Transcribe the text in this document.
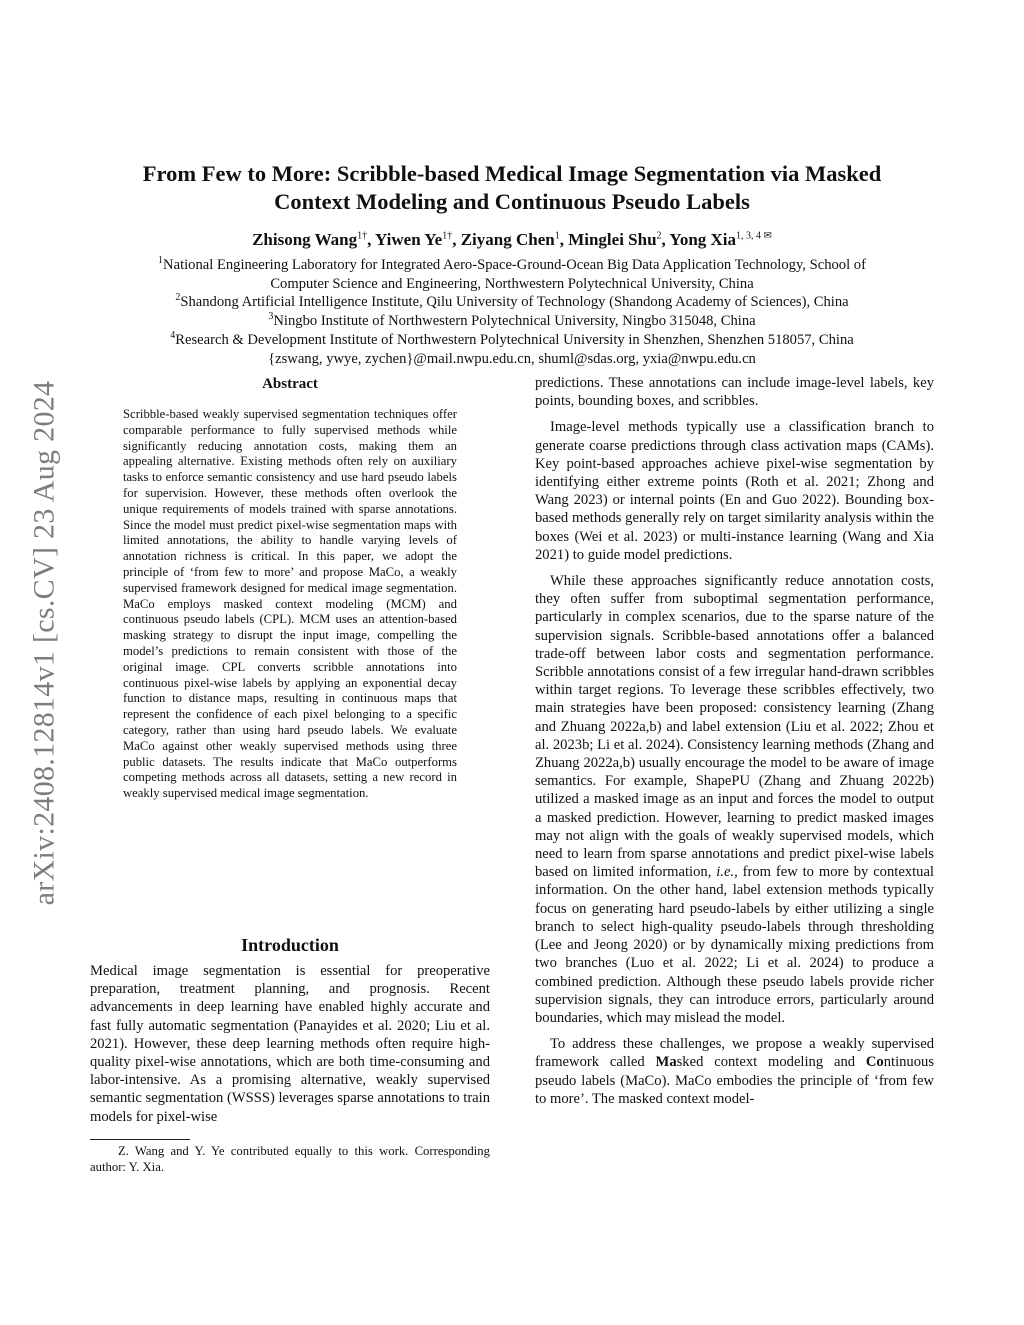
arXiv:2408.12814v1 [cs.CV] 23 Aug 2024
From Few to More: Scribble-based Medical Image Segmentation via Masked
Context Modeling and Continuous Pseudo Labels
Zhisong Wang$^{1\dagger}$, Yiwen $Ye^{1\dagger}$, Ziyang Chen$^1$, Minglei Shu$^2$, Yong Xia$^{1, 3, 4 ✉}$
$^1$National Engineering Laboratory for Integrated Aero-Space-Ground-Ocean Big Data Application Technology, School of
Computer Science and Engineering, Northwestern Polytechnical University, China
$^2$Shandong Artificial Intelligence Institute, Qilu University of Technology (Shandong Academy of Sciences), China
$^3$Ningbo Institute of Northwestern Polytechnical University, Ningbo 315048, China
$^4$Research & Development Institute of Northwestern Polytechnical University in Shenzhen, Shenzhen 518057, China
{zswang, ywye, zychen}@mail.nwpu.edu.cn, shuml@sdas.org, yxia@nwpu.edu.cn
Abstract

Scribble-based weakly supervised segmentation techniques offer comparable performance to fully supervised methods while significantly reducing annotation costs, making them an appealing alternative. Existing methods often rely on auxiliary tasks to enforce semantic consistency and use hard pseudo labels for supervision. However, these methods often overlook the unique requirements of models trained with sparse annotations. Since the model must predict pixel-wise segmentation maps with limited annotations, the ability to handle varying levels of annotation richness is critical. In this paper, we adopt the principle of ‘from few to more’ and propose MaCo, a weakly supervised framework designed for medical image segmentation. MaCo employs masked context modeling (MCM) and continuous pseudo labels (CPL). MCM uses an attention-based masking strategy to disrupt the input image, compelling the model’s predictions to remain consistent with those of the original image. CPL converts scribble annotations into continuous pixel-wise labels by applying an exponential decay function to distance maps, resulting in continuous maps that represent the confidence of each pixel belonging to a specific category, rather than using hard pseudo labels. We evaluate MaCo against other weakly supervised methods using three public datasets. The results indicate that MaCo outperforms competing methods across all datasets, setting a new record in weakly supervised medical image segmentation.

Introduction

Medical image segmentation is essential for preoperative preparation, treatment planning, and prognosis. Recent advancements in deep learning have enabled highly accurate and fast fully automatic segmentation (Panayides et al. 2020; Liu et al. 2021). However, these deep learning methods often require high-quality pixel-wise annotations, which are both time-consuming and labor-intensive. As a promising alternative, weakly supervised semantic segmentation (WSSS) leverages sparse annotations to train models for pixel-wise

Z. Wang and Y. Ye contributed equally to this work. Corresponding author: Y. Xia.

predictions. These annotations can include image-level labels, key points, bounding boxes, and scribbles.

Image-level methods typically use a classification branch to generate coarse predictions through class activation maps (CAMs). Key point-based approaches achieve pixel-wise segmentation by identifying either extreme points (Roth et al. 2021; Zhong and Wang 2023) or internal points (En and Guo 2022). Bounding box-based methods generally rely on target similarity analysis within the boxes (Wei et al. 2023) or multi-instance learning (Wang and Xia 2021) to guide model predictions.

While these approaches significantly reduce annotation costs, they often suffer from suboptimal segmentation performance, particularly in complex scenarios, due to the sparse nature of the supervision signals. Scribble-based annotations offer a balanced trade-off between labor costs and segmentation performance. Scribble annotations consist of a few irregular hand-drawn scribbles within target regions. To leverage these scribbles effectively, two main strategies have been proposed: consistency learning (Zhang and Zhuang 2022a,b) and label extension (Liu et al. 2022; Zhou et al. 2023b; Li et al. 2024). Consistency learning methods (Zhang and Zhuang 2022a,b) usually encourage the model to be aware of image semantics. For example, ShapePU (Zhang and Zhuang 2022b) utilized a masked image as an input and forces the model to output a masked prediction. However, learning to predict masked images may not align with the goals of weakly supervised models, which need to learn from sparse annotations and predict pixel-wise labels based on limited information, i.e., from few to more by contextual information. On the other hand, label extension methods typically focus on generating hard pseudo-labels by either utilizing a single branch to select high-quality pseudo-labels through thresholding (Lee and Jeong 2020) or by dynamically mixing predictions from two branches (Luo et al. 2022; Li et al. 2024) to produce a combined prediction. Although these pseudo labels provide richer supervision signals, they can introduce errors, particularly around boundaries, which may mislead the model.

To address these challenges, we propose a weakly supervised framework called Masked context modeling and Continuous pseudo labels (MaCo). MaCo embodies the principle of ‘from few to more’. The masked context model-
